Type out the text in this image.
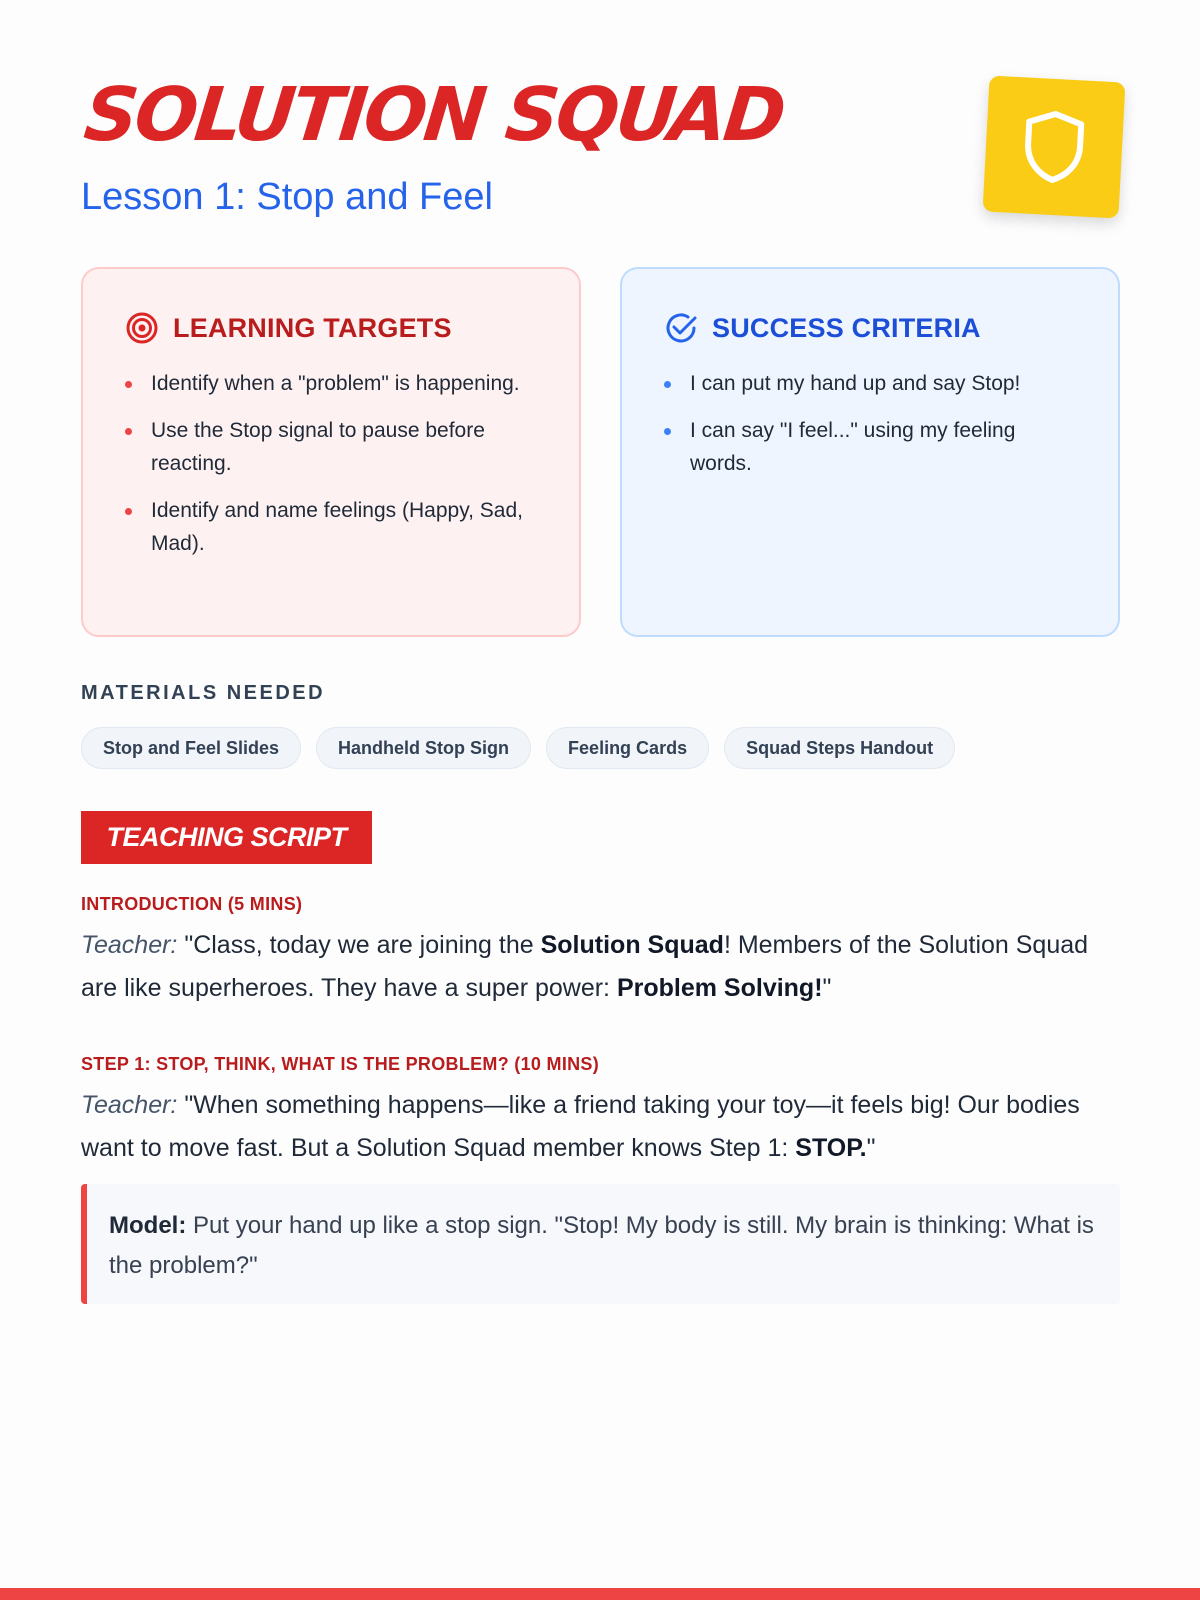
SOLUTION SQUAD
Lesson 1: Stop and Feel
LEARNING TARGETS
Identify when a "problem" is happening.
Use the Stop signal to pause before reacting.
Identify and name feelings (Happy, Sad, Mad).
SUCCESS CRITERIA
I can put my hand up and say Stop!
I can say "I feel..." using my feeling words.
MATERIALS NEEDED
Stop and Feel Slides	Handheld Stop Sign	Feeling Cards	Squad Steps Handout
TEACHING SCRIPT
INTRODUCTION (5 MINS)

Teacher: "Class, today we are joining the Solution Squad! Members of the Solution Squad are like superheroes. They have a super power: Problem Solving!"

STEP 1: STOP, THINK, WHAT IS THE PROBLEM? (10 MINS)

Teacher: "When something happens—like a friend taking your toy—it feels big! Our bodies want to move fast. But a Solution Squad member knows Step 1: STOP."

Model: Put your hand up like a stop sign. "Stop! My body is still. My brain is thinking: What is the problem?"
